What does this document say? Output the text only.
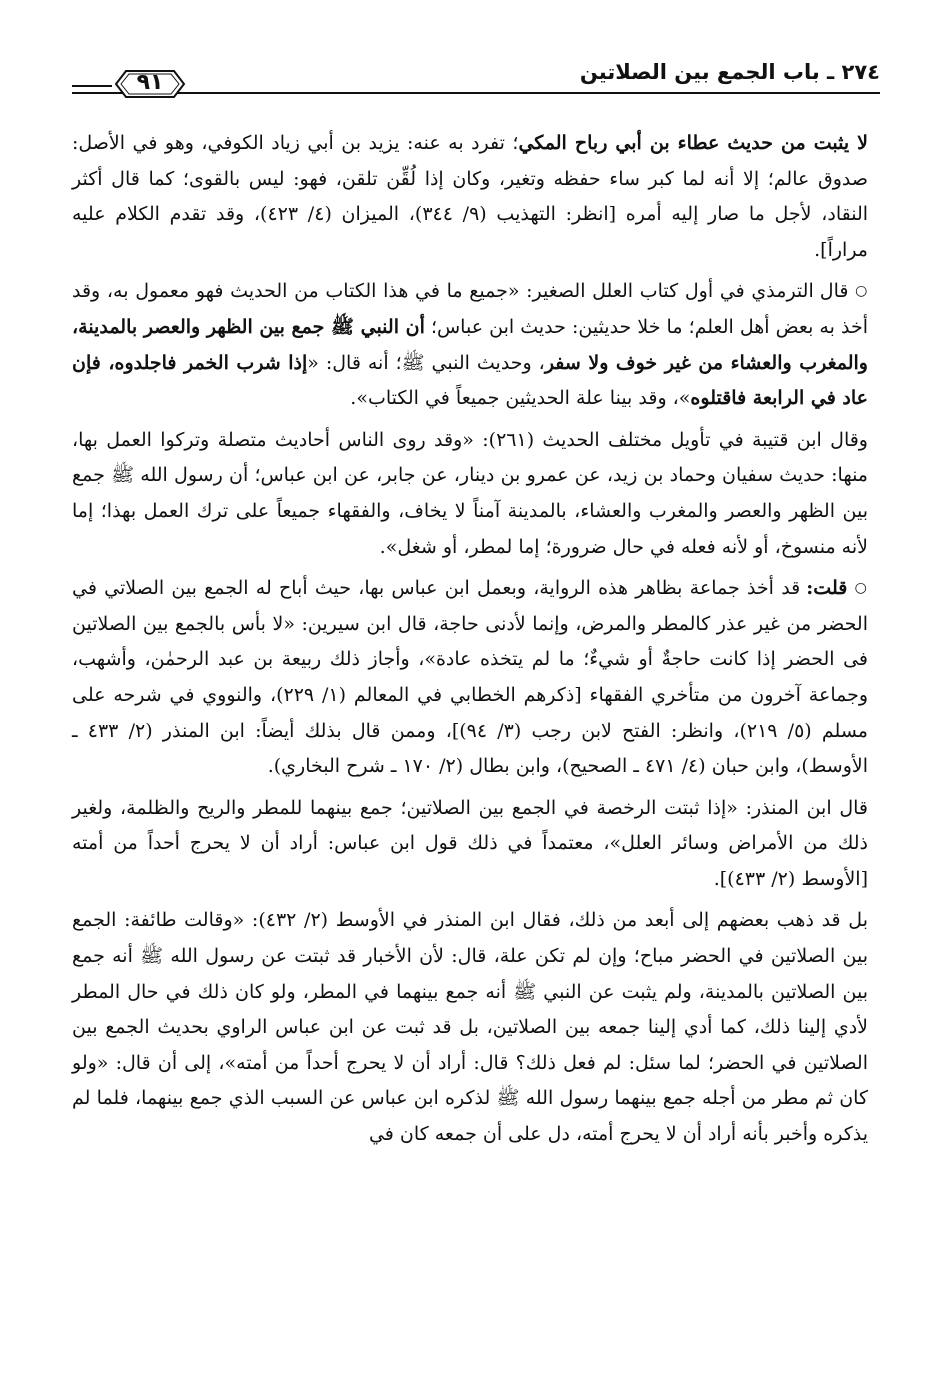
٢٧٤ ـ باب الجمع بين الصلاتين
٩١

لا يثبت من حديث عطاء بن أبي رباح المكي؛ تفرد به عنه: يزيد بن أبي زياد الكوفي، وهو في الأصل: صدوق عالم؛ إلا أنه لما كبر ساء حفظه وتغير، وكان إذا لُقِّن تلقن، فهو: ليس بالقوى؛ كما قال أكثر النقاد، لأجل ما صار إليه أمره [انظر: التهذيب (٩/ ٣٤٤)، الميزان (٤/ ٤٢٣)، وقد تقدم الكلام عليه مراراً].

○ قال الترمذي في أول كتاب العلل الصغير: «جميع ما في هذا الكتاب من الحديث فهو معمول به، وقد أخذ به بعض أهل العلم؛ ما خلا حديثين: حديث ابن عباس؛ أن النبي ﷺ جمع بين الظهر والعصر بالمدينة، والمغرب والعشاء من غير خوف ولا سفر، وحديث النبي ﷺ؛ أنه قال: «إذا شرب الخمر فاجلدوه، فإن عاد في الرابعة فاقتلوه»، وقد بينا علة الحديثين جميعاً في الكتاب».

وقال ابن قتيبة في تأويل مختلف الحديث (٢٦١): «وقد روى الناس أحاديث متصلة وتركوا العمل بها، منها: حديث سفيان وحماد بن زيد، عن عمرو بن دينار، عن جابر، عن ابن عباس؛ أن رسول الله ﷺ جمع بين الظهر والعصر والمغرب والعشاء، بالمدينة آمناً لا يخاف، والفقهاء جميعاً على ترك العمل بهذا؛ إما لأنه منسوخ، أو لأنه فعله في حال ضرورة؛ إما لمطر، أو شغل».

○ قلت: قد أخذ جماعة بظاهر هذه الرواية، وبعمل ابن عباس بها، حيث أباح له الجمع بين الصلاتي في الحضر من غير عذر كالمطر والمرض، وإنما لأدنى حاجة، قال ابن سيرين: «لا بأس بالجمع بين الصلاتين فى الحضر إذا كانت حاجةٌ أو شيءٌ؛ ما لم يتخذه عادة»، وأجاز ذلك ربيعة بن عبد الرحمٰن، وأشهب، وجماعة آخرون من متأخري الفقهاء [ذكرهم الخطابي في المعالم (١/ ٢٢٩)، والنووي في شرحه على مسلم (٥/ ٢١٩)، وانظر: الفتح لابن رجب (٣/ ٩٤)]، وممن قال بذلك أيضاً: ابن المنذر (٢/ ٤٣٣ ـ الأوسط)، وابن حبان (٤/ ٤٧١ ـ الصحيح)، وابن بطال (٢/ ١٧٠ ـ شرح البخاري).

قال ابن المنذر: «إذا ثبتت الرخصة في الجمع بين الصلاتين؛ جمع بينهما للمطر والريح والظلمة، ولغير ذلك من الأمراض وسائر العلل»، معتمداً في ذلك قول ابن عباس: أراد أن لا يحرج أحداً من أمته [الأوسط (٢/ ٤٣٣)].

بل قد ذهب بعضهم إلى أبعد من ذلك، فقال ابن المنذر في الأوسط (٢/ ٤٣٢): «وقالت طائفة: الجمع بين الصلاتين في الحضر مباح؛ وإن لم تكن علة، قال: لأن الأخبار قد ثبتت عن رسول الله ﷺ أنه جمع بين الصلاتين بالمدينة، ولم يثبت عن النبي ﷺ أنه جمع بينهما في المطر، ولو كان ذلك في حال المطر لأدي إلينا ذلك، كما أدي إلينا جمعه بين الصلاتين، بل قد ثبت عن ابن عباس الراوي بحديث الجمع بين الصلاتين في الحضر؛ لما سئل: لم فعل ذلك؟ قال: أراد أن لا يحرج أحداً من أمته»، إلى أن قال: «ولو كان ثم مطر من أجله جمع بينهما رسول الله ﷺ لذكره ابن عباس عن السبب الذي جمع بينهما، فلما لم يذكره وأخبر بأنه أراد أن لا يحرج أمته، دل على أن جمعه كان في
